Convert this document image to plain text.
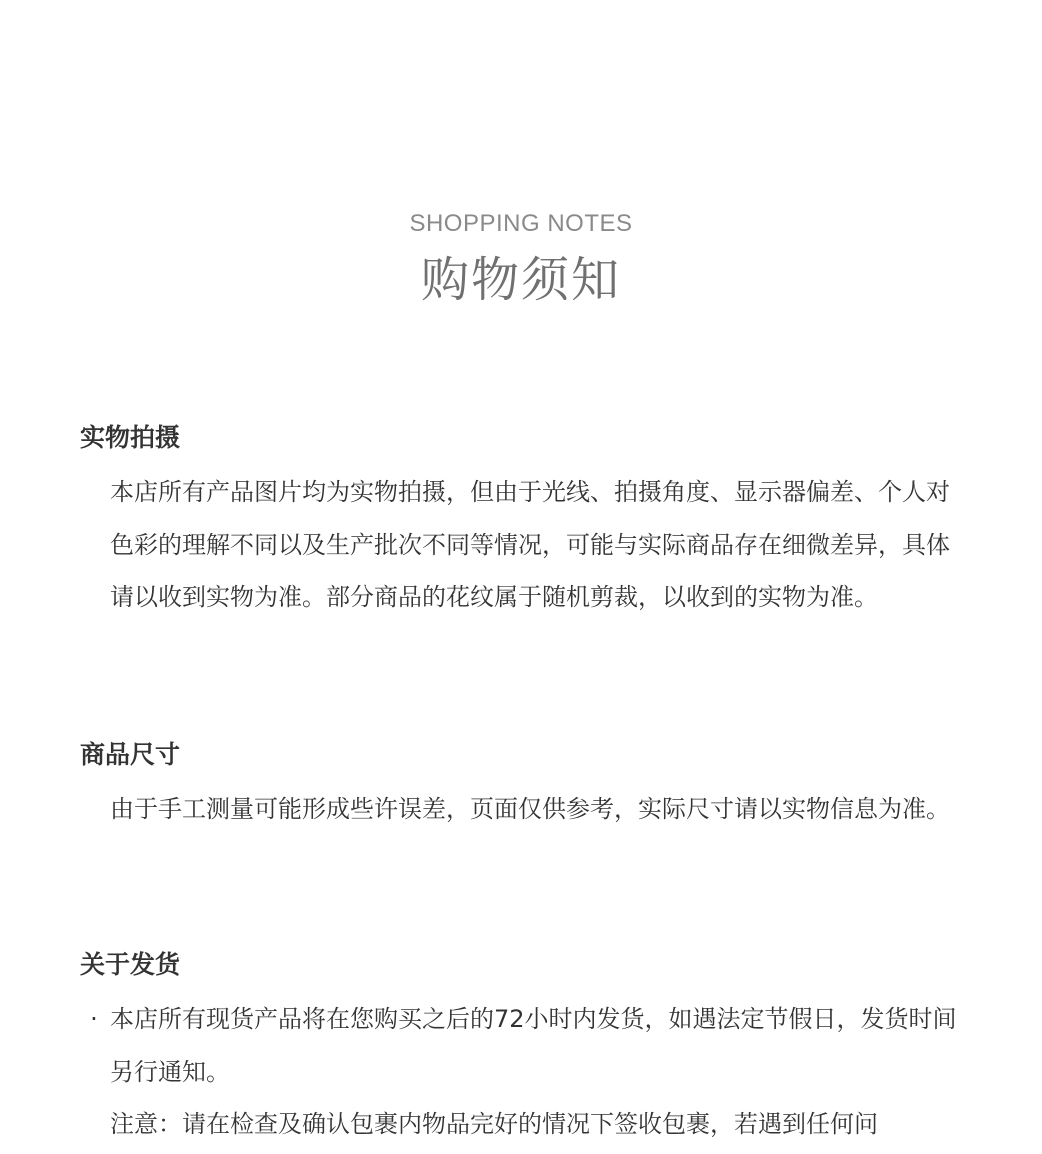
SHOPPING NOTES
购物须知
实物拍摄
本店所有产品图片均为实物拍摄，但由于光线、拍摄角度、显示器偏差、个人对色彩的理解不同以及生产批次不同等情况，可能与实际商品存在细微差异，具体请以收到实物为准。部分商品的花纹属于随机剪裁，以收到的实物为准。
商品尺寸
由于手工测量可能形成些许误差，页面仅供参考，实际尺寸请以实物信息为准。
关于发货
· 本店所有现货产品将在您购买之后的72小时内发货，如遇法定节假日，发货时间另行通知。
注意：请在检查及确认包裹内物品完好的情况下签收包裹，若遇到任何问
